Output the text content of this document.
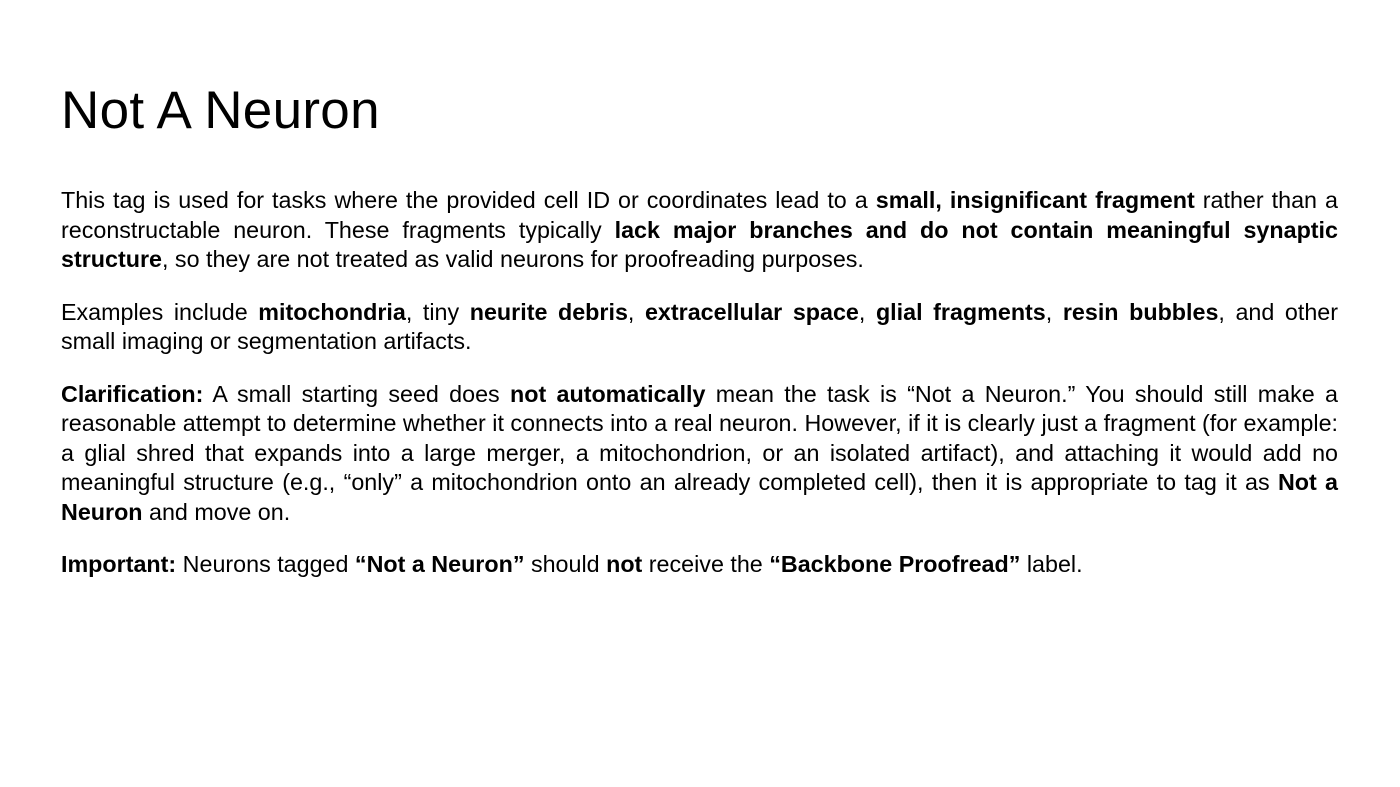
Not A Neuron

This tag is used for tasks where the provided cell ID or coordinates lead to a small, insignificant fragment rather than a reconstructable neuron. These fragments typically lack major branches and do not contain meaningful synaptic structure, so they are not treated as valid neurons for proofreading purposes.

Examples include mitochondria, tiny neurite debris, extracellular space, glial fragments, resin bubbles, and other small imaging or segmentation artifacts.

Clarification: A small starting seed does not automatically mean the task is “Not a Neuron.” You should still make a reasonable attempt to determine whether it connects into a real neuron. However, if it is clearly just a fragment (for example: a glial shred that expands into a large merger, a mitochondrion, or an isolated artifact), and attaching it would add no meaningful structure (e.g., “only” a mitochondrion onto an already completed cell), then it is appropriate to tag it as Not a Neuron and move on.

Important: Neurons tagged “Not a Neuron” should not receive the “Backbone Proofread” label.
